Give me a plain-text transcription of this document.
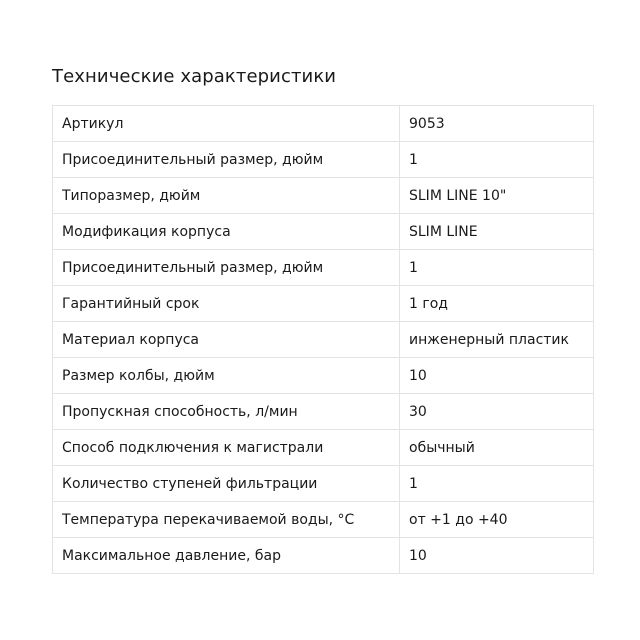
Технические характеристики
Артикул	9053
Присоединительный размер, дюйм	1
Типоразмер, дюйм	SLIM LINE 10"
Модификация корпуса	SLIM LINE
Присоединительный размер, дюйм	1
Гарантийный срок	1 год
Материал корпуса	инженерный пластик
Размер колбы, дюйм	10
Пропускная способность, л/мин	30
Способ подключения к магистрали	обычный
Количество ступеней фильтрации	1
Температура перекачиваемой воды, °C	от +1 до +40
Максимальное давление, бар	10
